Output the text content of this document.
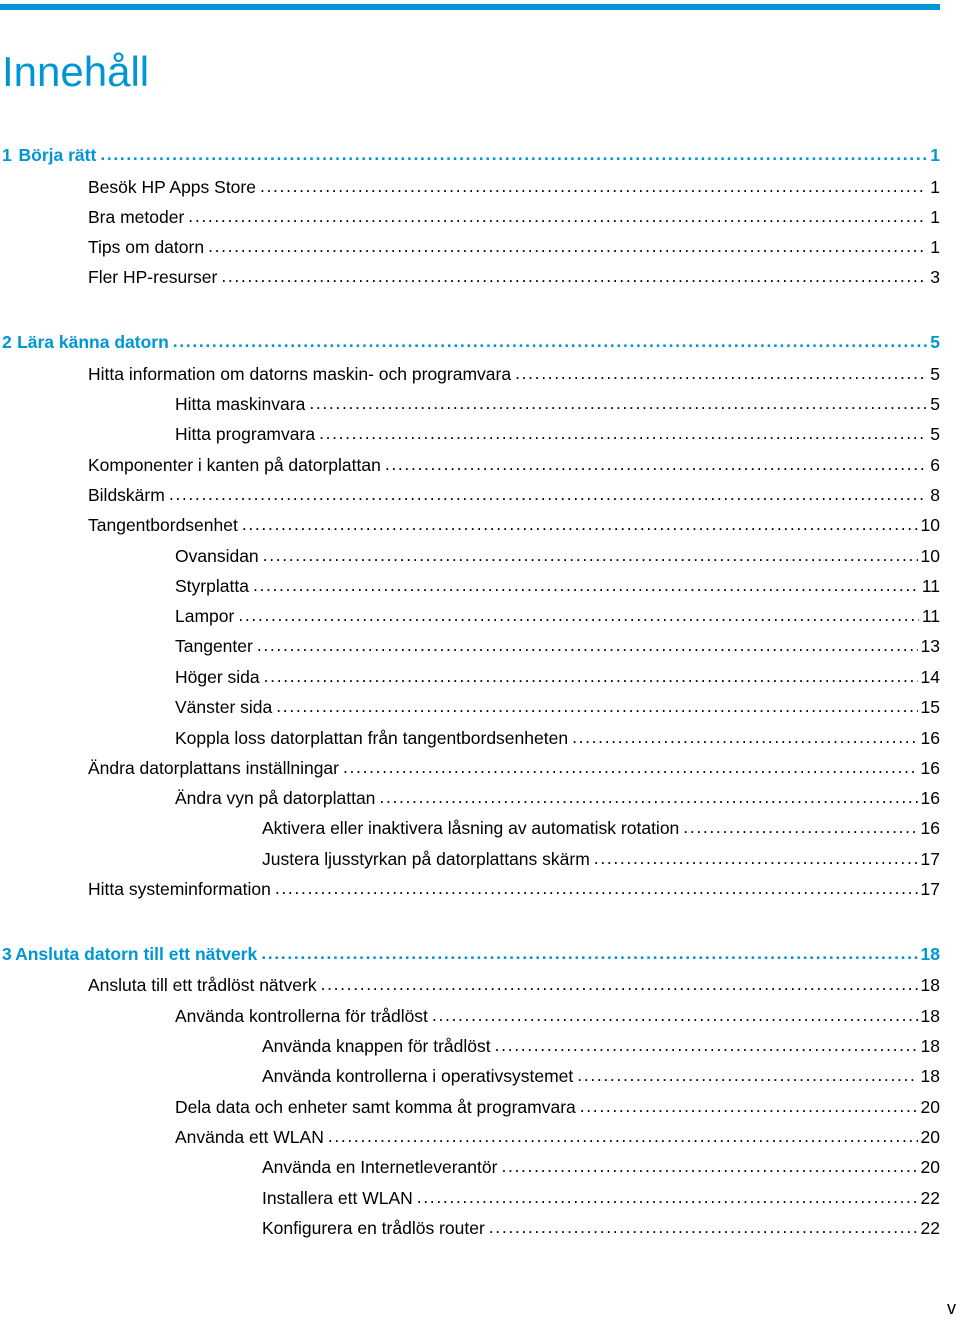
Innehåll
1 Börja rätt . . .	1
Besök HP Apps Store . . .	1
Bra metoder . . .	1
Tips om datorn . . .	1
Fler HP-resurser . . .	3
2 Lära känna datorn . . .	5
Hitta information om datorns maskin- och programvara . . .	5
Hitta maskinvara . . .	5
Hitta programvara . . .	5
Komponenter i kanten på datorplattan . . .	6
Bildskärm . . .	8
Tangentbordsenhet . . .	10
Ovansidan . . .	10
Styrplatta . . .	11
Lampor . . .	11
Tangenter . . .	13
Höger sida . . .	14
Vänster sida . . .	15
Koppla loss datorplattan från tangentbordsenheten . . .	16
Ändra datorplattans inställningar . . .	16
Ändra vyn på datorplattan . . .	16
Aktivera eller inaktivera låsning av automatisk rotation . . .	16
Justera ljusstyrkan på datorplattans skärm . . .	17
Hitta systeminformation . . .	17
3 Ansluta datorn till ett nätverk . . .	18
Ansluta till ett trådlöst nätverk . . .	18
Använda kontrollerna för trådlöst . . .	18
Använda knappen för trådlöst . . .	18
Använda kontrollerna i operativsystemet . . .	18
Dela data och enheter samt komma åt programvara . . .	20
Använda ett WLAN . . .	20
Använda en Internetleverantör . . .	20
Installera ett WLAN . . .	22
Konfigurera en trådlös router . . .	22
v
